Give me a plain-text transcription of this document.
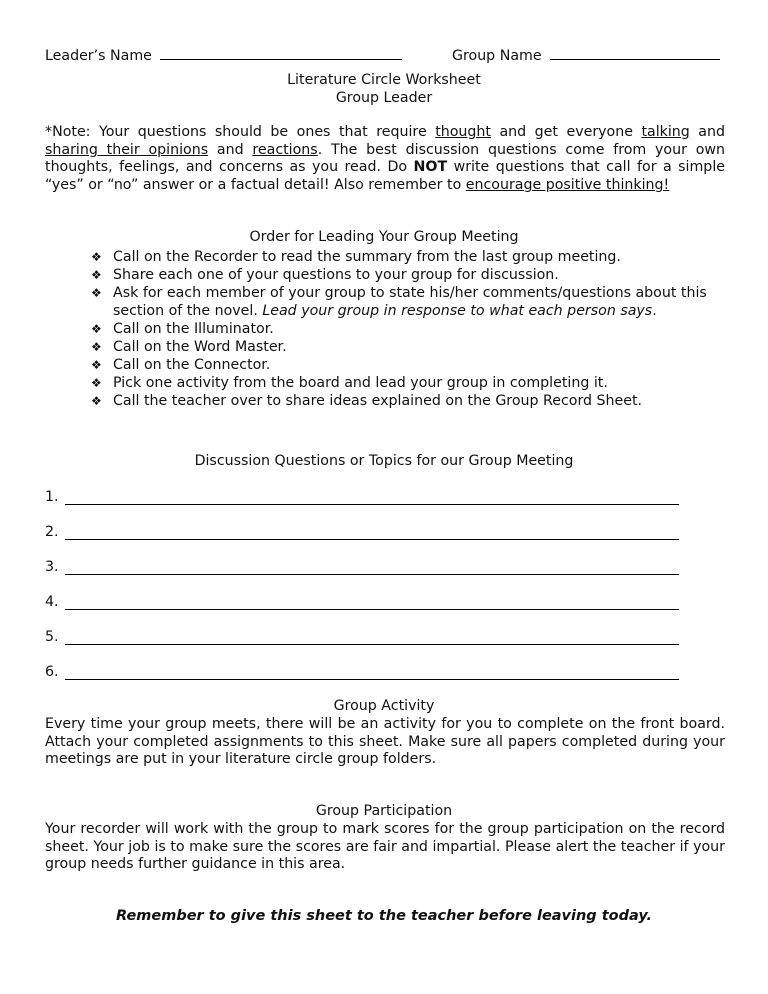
Leader’s Name	Group Name
Literature Circle Worksheet
Group Leader
*Note: Your questions should be ones that require thought and get everyone talking and sharing their opinions and reactions. The best discussion questions come from your own thoughts, feelings, and concerns as you read. Do NOT write questions that call for a simple “yes” or “no” answer or a factual detail! Also remember to encourage positive thinking!
Order for Leading Your Group Meeting
❖ Call on the Recorder to read the summary from the last group meeting.
❖ Share each one of your questions to your group for discussion.
❖ Ask for each member of your group to state his/her comments/questions about this section of the novel. Lead your group in response to what each person says.
❖ Call on the Illuminator.
❖ Call on the Word Master.
❖ Call on the Connector.
❖ Pick one activity from the board and lead your group in completing it.
❖ Call the teacher over to share ideas explained on the Group Record Sheet.
Discussion Questions or Topics for our Group Meeting
1.
2.
3.
4.
5.
6.
Group Activity

Every time your group meets, there will be an activity for you to complete on the front board. Attach your completed assignments to this sheet. Make sure all papers completed during your meetings are put in your literature circle group folders.

Group Participation

Your recorder will work with the group to mark scores for the group participation on the record sheet. Your job is to make sure the scores are fair and impartial. Please alert the teacher if your group needs further guidance in this area.

Remember to give this sheet to the teacher before leaving today.
